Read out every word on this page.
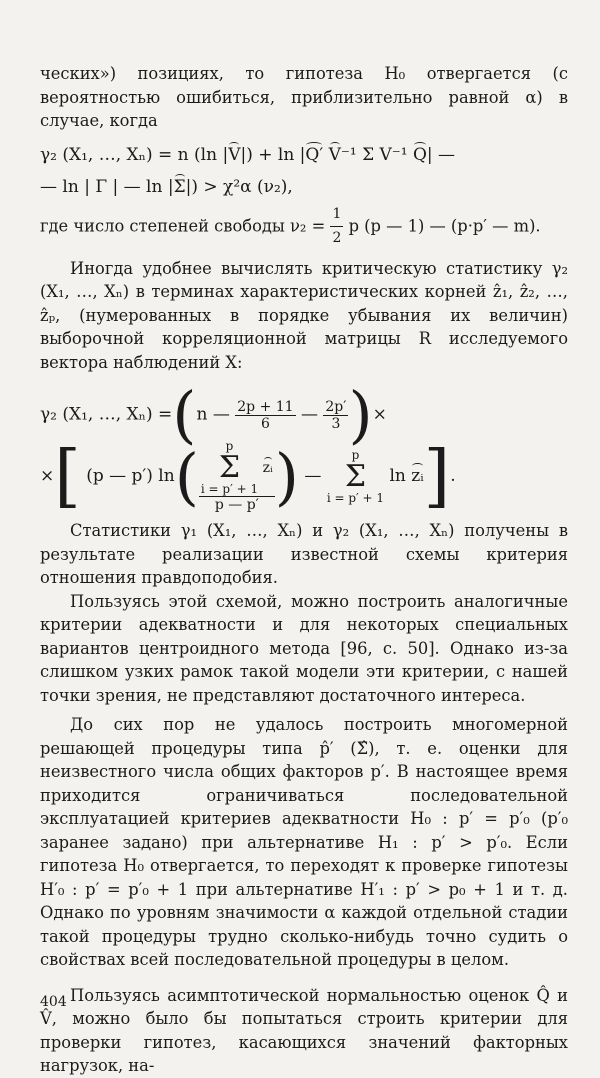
ческих») позициях, то гипотеза H₀ отвергается (с вероятностью ошибиться, приблизительно равной α) в случае, когда

γ₂ (X₁, …, Xₙ) = n (ln |V|) + ln |Q′ V⁻¹ Σ V⁻¹ Q| —

— ln | Γ | — ln |Σ|) > χ²α (ν₂),

где число степеней свободы $\nu_2 = \frac{1}{2}$ p (p — 1) — (p·p′ — m).

Иногда удобнее вычислять критическую статистику γ₂ (X₁, …, Xₙ) в терминах характеристических корней ẑ₁, ẑ₂, …, ẑₚ, (нумерованных в порядке убывания их величин) выборочной корреляционной матрицы R исследуемого вектора наблюдений X:

γ₂ (X₁, …, Xₙ) =(n — $\frac{2p + 11}{6}$ — $\frac{2p'}{3}$ )×

×[ (p — p′) ln( p
Σ
i = p′ + 1
zᵢ
p — p′ ) —
p
Σ
i = p′ + 1
ln zᵢ].

Статистики γ₁ (X₁, …, Xₙ) и γ₂ (X₁, …, Xₙ) получены в результате реализации известной схемы критерия отношения правдоподобия.

Пользуясь этой схемой, можно построить аналогичные критерии адекватности и для некоторых специальных вариантов центроидного метода [96, с. 50]. Однако из-за слишком узких рамок такой модели эти критерии, с нашей точки зрения, не представляют достаточного интереса.

До сих пор не удалось построить многомерной решающей процедуры типа p̂′ (Σ̂), т. е. оценки для неизвестного числа общих факторов p′. В настоящее время приходится ограничиваться последовательной эксплуатацией критериев адекватности H₀ : p′ = p′₀ (p′₀ заранее задано) при альтернативе H₁ : p′ > p′₀. Если гипотеза H₀ отвергается, то переходят к проверке гипотезы H′₀ : p′ = p′₀ + 1 при альтернативе H′₁ : p′ > p₀ + 1 и т. д. Однако по уровням значимости α каждой отдельной стадии такой процедуры трудно сколько-нибудь точно судить о свойствах всей последовательной процедуры в целом.

Пользуясь асимптотической нормальностью оценок Q̂ и V̂, можно было бы попытаться строить критерии для проверки гипотез, касающихся значений факторных нагрузок, на-

404
